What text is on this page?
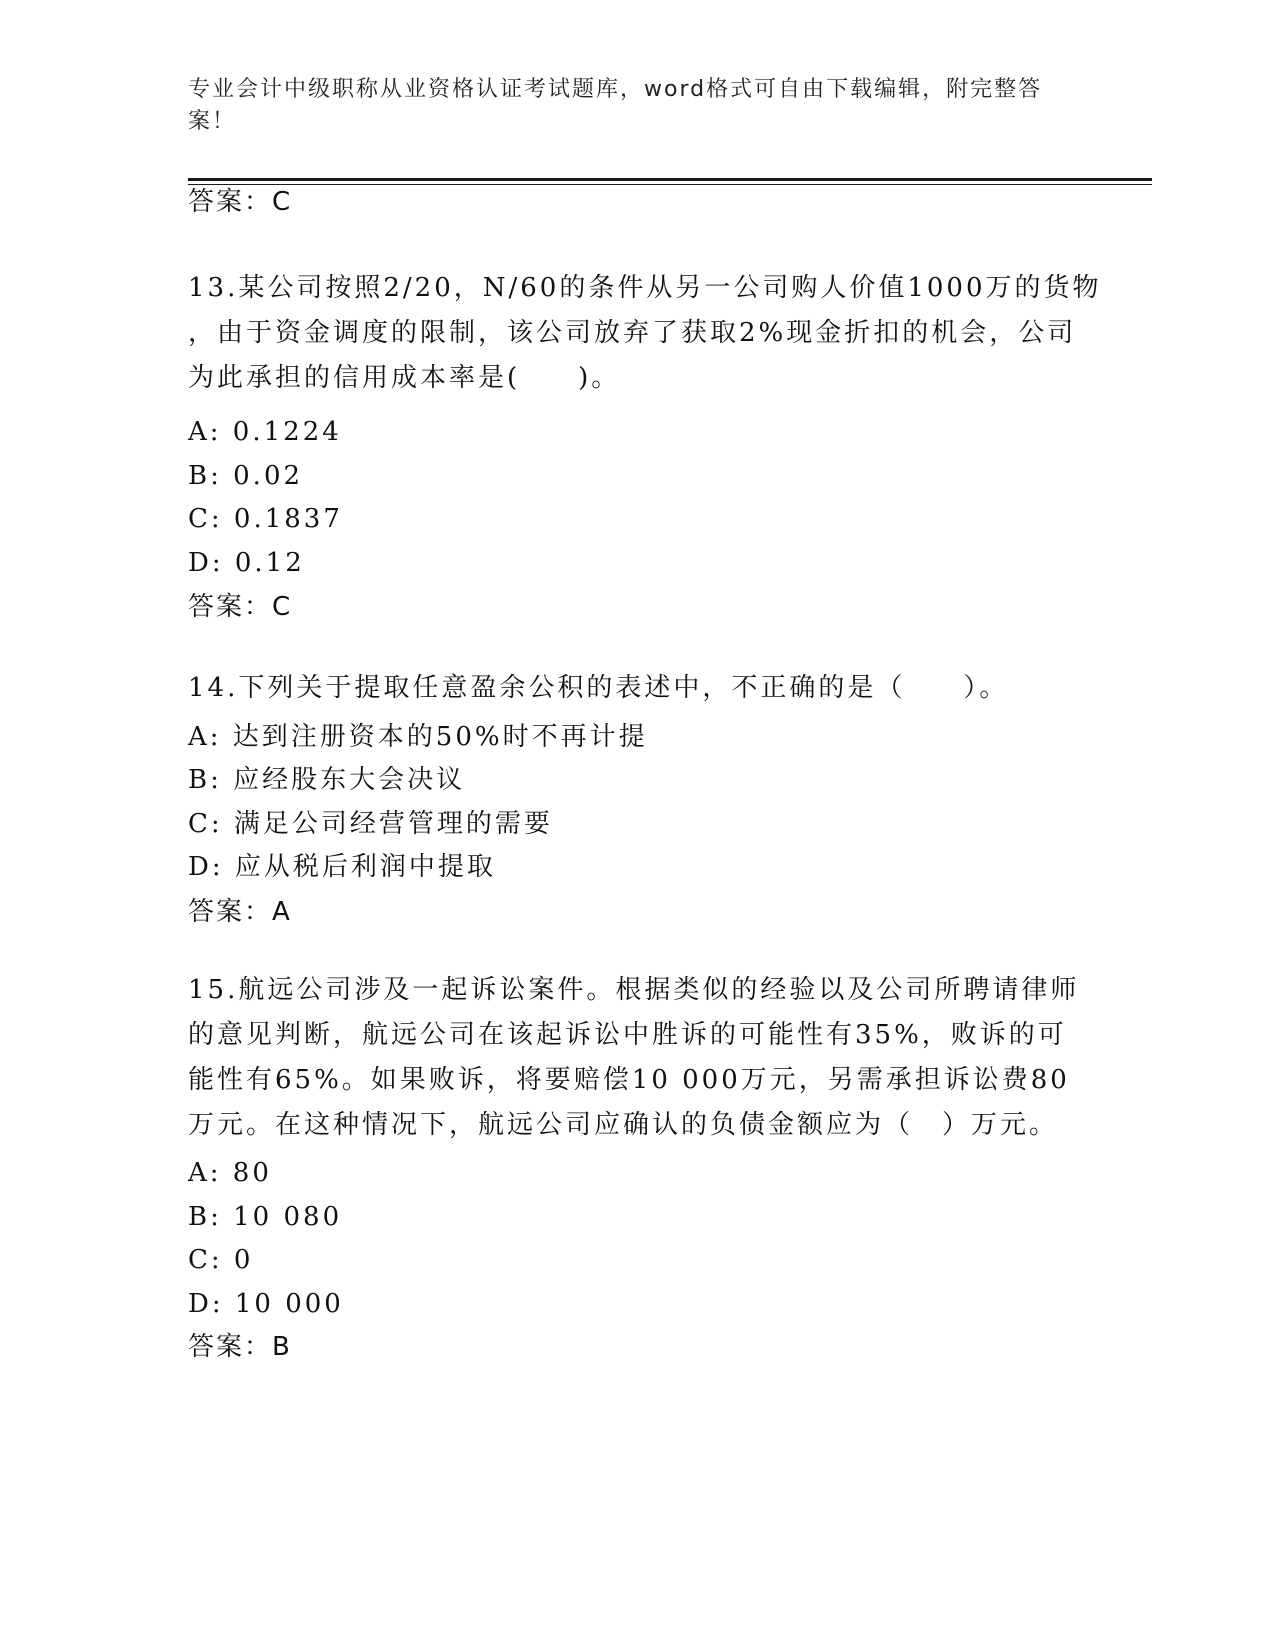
专业会计中级职称从业资格认证考试题库，word格式可自由下载编辑，附完整答
案！
答案：C
13.某公司按照2/20，N/60的条件从另一公司购人价值1000万的货物
，由于资金调度的限制，该公司放弃了获取2%现金折扣的机会，公司
为此承担的信用成本率是(　　)。
A: 0.1224
B: 0.02
C: 0.1837
D: 0.12
答案：C
14.下列关于提取任意盈余公积的表述中，不正确的是（　　）。
A: 达到注册资本的50%时不再计提
B: 应经股东大会决议
C: 满足公司经营管理的需要
D: 应从税后利润中提取
答案：A
15.航远公司涉及一起诉讼案件。根据类似的经验以及公司所聘请律师
的意见判断，航远公司在该起诉讼中胜诉的可能性有35%，败诉的可
能性有65%。如果败诉，将要赔偿10 000万元，另需承担诉讼费80
万元。在这种情况下，航远公司应确认的负债金额应为（　）万元。
A: 80
B: 10 080
C: 0
D: 10 000
答案：B
